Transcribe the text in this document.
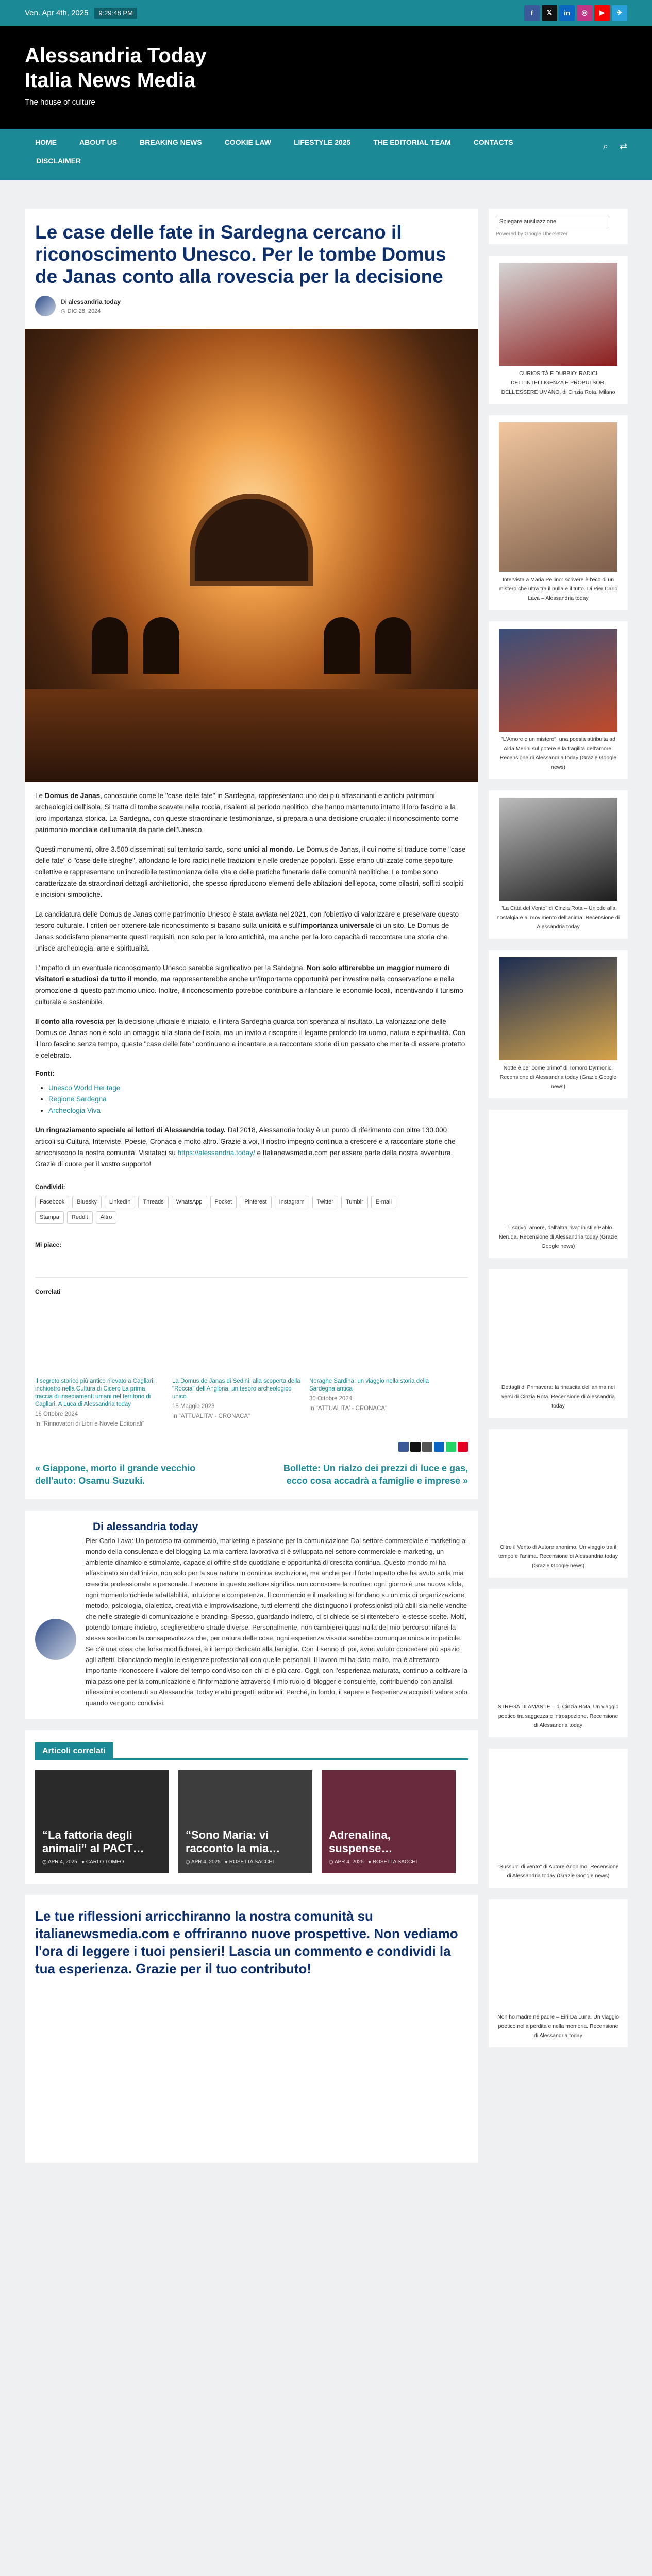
Ven. Apr 4th, 2025 9:29:48 PM	f	𝕏	in	◎	▶	✈
Alessandria Today
Italia News Media
The house of culture
HOME	ABOUT US	BREAKING NEWS	COOKIE LAW	LIFESTYLE 2025	THE EDITORIAL TEAM	CONTACTS
DISCLAIMER
⌕ ⇄
Le case delle fate in Sardegna cercano il riconoscimento Unesco. Per le tombe Domus de Janas conto alla rovescia per la decisione
Di alessandria today
◷ DIC 28, 2024

Le Domus de Janas, conosciute come le "case delle fate" in Sardegna, rappresentano uno dei più affascinanti e antichi patrimoni archeologici dell'isola. Si tratta di tombe scavate nella roccia, risalenti al periodo neolitico, che hanno mantenuto intatto il loro fascino e la loro importanza storica. La Sardegna, con queste straordinarie testimonianze, si prepara a una decisione cruciale: il riconoscimento come patrimonio mondiale dell'umanità da parte dell'Unesco.

Questi monumenti, oltre 3.500 disseminati sul territorio sardo, sono unici al mondo. Le Domus de Janas, il cui nome si traduce come "case delle fate" o "case delle streghe", affondano le loro radici nelle tradizioni e nelle credenze popolari. Esse erano utilizzate come sepolture collettive e rappresentano un'incredibile testimonianza della vita e delle pratiche funerarie delle comunità neolitiche. Le tombe sono caratterizzate da straordinari dettagli architettonici, che spesso riproducono elementi delle abitazioni dell'epoca, come pilastri, soffitti scolpiti e incisioni simboliche.

La candidatura delle Domus de Janas come patrimonio Unesco è stata avviata nel 2021, con l'obiettivo di valorizzare e preservare questo tesoro culturale. I criteri per ottenere tale riconoscimento si basano sulla unicità e sull'importanza universale di un sito. Le Domus de Janas soddisfano pienamente questi requisiti, non solo per la loro antichità, ma anche per la loro capacità di raccontare una storia che unisce archeologia, arte e spiritualità.

L'impatto di un eventuale riconoscimento Unesco sarebbe significativo per la Sardegna. Non solo attirerebbe un maggior numero di visitatori e studiosi da tutto il mondo, ma rappresenterebbe anche un'importante opportunità per investire nella conservazione e nella promozione di questo patrimonio unico. Inoltre, il riconoscimento potrebbe contribuire a rilanciare le economie locali, incentivando il turismo culturale e sostenibile.

Il conto alla rovescia per la decisione ufficiale è iniziato, e l'intera Sardegna guarda con speranza al risultato. La valorizzazione delle Domus de Janas non è solo un omaggio alla storia dell'isola, ma un invito a riscoprire il legame profondo tra uomo, natura e spiritualità. Con il loro fascino senza tempo, queste "case delle fate" continuano a incantare e a raccontare storie di un passato che merita di essere protetto e celebrato.

Fonti:
• Unesco World Heritage
• Regione Sardegna
• Archeologia Viva

Un ringraziamento speciale ai lettori di Alessandria today. Dal 2018, Alessandria today è un punto di riferimento con oltre 130.000 articoli su Cultura, Interviste, Poesie, Cronaca e molto altro. Grazie a voi, il nostro impegno continua a crescere e a raccontare storie che arricchiscono la nostra comunità. Visitateci su https://alessandria.today/ e Italianewsmedia.com per essere parte della nostra avventura. Grazie di cuore per il vostro supporto!

Condividi:
Facebook	Bluesky	LinkedIn	Threads	WhatsApp	Pocket	Pinterest	Instagram	Twitter	Tumblr	E-mail
Stampa	Reddit	Altro
Mi piace:
Correlati
Il segreto storico più antico rilevato a Cagliari: inchiostro nella Cultura di Cicero La prima traccia di insediamenti umani nel territorio di Cagliari. A Luca di Alessandria today
16 Ottobre 2024
In "Rinnovatori di Libri e Novele Editoriali"
La Domus de Janas di Sedini: alla scoperta della "Roccia" dell'Anglona, un tesoro archeologico unico
15 Maggio 2023
In "ATTUALITA' - CRONACA"
Noraghe Sardina: un viaggio nella storia della Sardegna antica
30 Ottobre 2024
In "ATTUALITA' - CRONACA"
« Giappone, morto il grande vecchio dell'auto: Osamu Suzuki.
Bollette: Un rialzo dei prezzi di luce e gas, ecco cosa accadrà a famiglie e imprese »
Di alessandria today

Pier Carlo Lava: Un percorso tra commercio, marketing e passione per la comunicazione Dal settore commerciale e marketing al mondo della consulenza e del blogging La mia carriera lavorativa si è sviluppata nel settore commerciale e marketing, un ambiente dinamico e stimolante, capace di offrire sfide quotidiane e opportunità di crescita continua. Questo mondo mi ha affascinato sin dall'inizio, non solo per la sua natura in continua evoluzione, ma anche per il forte impatto che ha avuto sulla mia crescita professionale e personale. Lavorare in questo settore significa non conoscere la routine: ogni giorno è una nuova sfida, ogni momento richiede adattabilità, intuizione e competenza. Il commercio e il marketing si fondano su un mix di organizzazione, metodo, psicologia, dialettica, creatività e improvvisazione, tutti elementi che distinguono i professionisti più abili sia nelle vendite che nelle strategie di comunicazione e branding. Spesso, guardando indietro, ci si chiede se si ritentebero le stesse scelte. Molti, potendo tornare indietro, sceglierebbero strade diverse. Personalmente, non cambierei quasi nulla del mio percorso: rifarei la stessa scelta con la consapevolezza che, per natura delle cose, ogni esperienza vissuta sarebbe comunque unica e irripetibile. Se c'è una cosa che forse modificherei, è il tempo dedicato alla famiglia. Con il senno di poi, avrei voluto concedere più spazio agli affetti, bilanciando meglio le esigenze professionali con quelle personali. Il lavoro mi ha dato molto, ma è altrettanto importante riconoscere il valore del tempo condiviso con chi ci è più caro. Oggi, con l'esperienza maturata, continuo a coltivare la mia passione per la comunicazione e l'informazione attraverso il mio ruolo di blogger e consulente, contribuendo con analisi, riflessioni e contenuti su Alessandria Today e altri progetti editoriali. Perché, in fondo, il sapere e l'esperienza acquisiti valore solo quando vengono condivisi.

Articoli correlati
“La fattoria degli animali” al PACT…
◷ APR 4, 2025 ● CARLO TOMEO
“Sono Maria: vi racconto la mia…
◷ APR 4, 2025 ● ROSETTA SACCHI
Adrenalina, suspense…
◷ APR 4, 2025 ● ROSETTA SACCHI
Le tue riflessioni arricchiranno la nostra comunità su italianewsmedia.com e offriranno nuove prospettive. Non vediamo l'ora di leggere i tuoi pensieri! Lascia un commento e condividi la tua esperienza. Grazie per il tuo contributo!
Spiegare ausiliazzione
Powered by Google Übersetzer
CURIOSITÀ E DUBBIO: RADICI DELL'INTELLIGENZA E PROPULSORI DELL'ESSERE UMANO, di Cinzia Rota. Milano
Intervista a Maria Pellino: scrivere è l'eco di un mistero che ultra tra il nulla e il tutto. Di Pier Carlo Lava – Alessandria today
"L'Amore e un mistero", una poesia attribuita ad Alda Merini sul potere e la fragilità dell'amore. Recensione di Alessandria today (Grazie Google news)
"La Città del Vento" di Cinzia Rota – Un'ode alla nostalgia e al movimento dell'anima. Recensione di Alessandria today
Notte è per come primo" di Tomoro Dyrmonic. Recensione di Alessandria today (Grazie Google news)
"Ti scrivo, amore, dall'altra riva" in stile Pablo Neruda. Recensione di Alessandria today (Grazie Google news)
Dettagli di Primavera: la rinascita dell'anima nei versi di Cinzia Rota. Recensione di Alessandria today
Oltre il Vento di Autore anonimo. Un viaggio tra il tempo e l'anima. Recensione di Alessandria today (Grazie Google news)
STREGA DI AMANTE – di Cinzia Rota. Un viaggio poetico tra saggezza e introspezione. Recensione di Alessandria today
"Sussurri di vento" di Autore Anonimo. Recensione di Alessandria today (Grazie Google news)
Non ho madre né padre – Eiri Da Luna. Un viaggio poetico nella perdita e nella memoria. Recensione di Alessandria today
